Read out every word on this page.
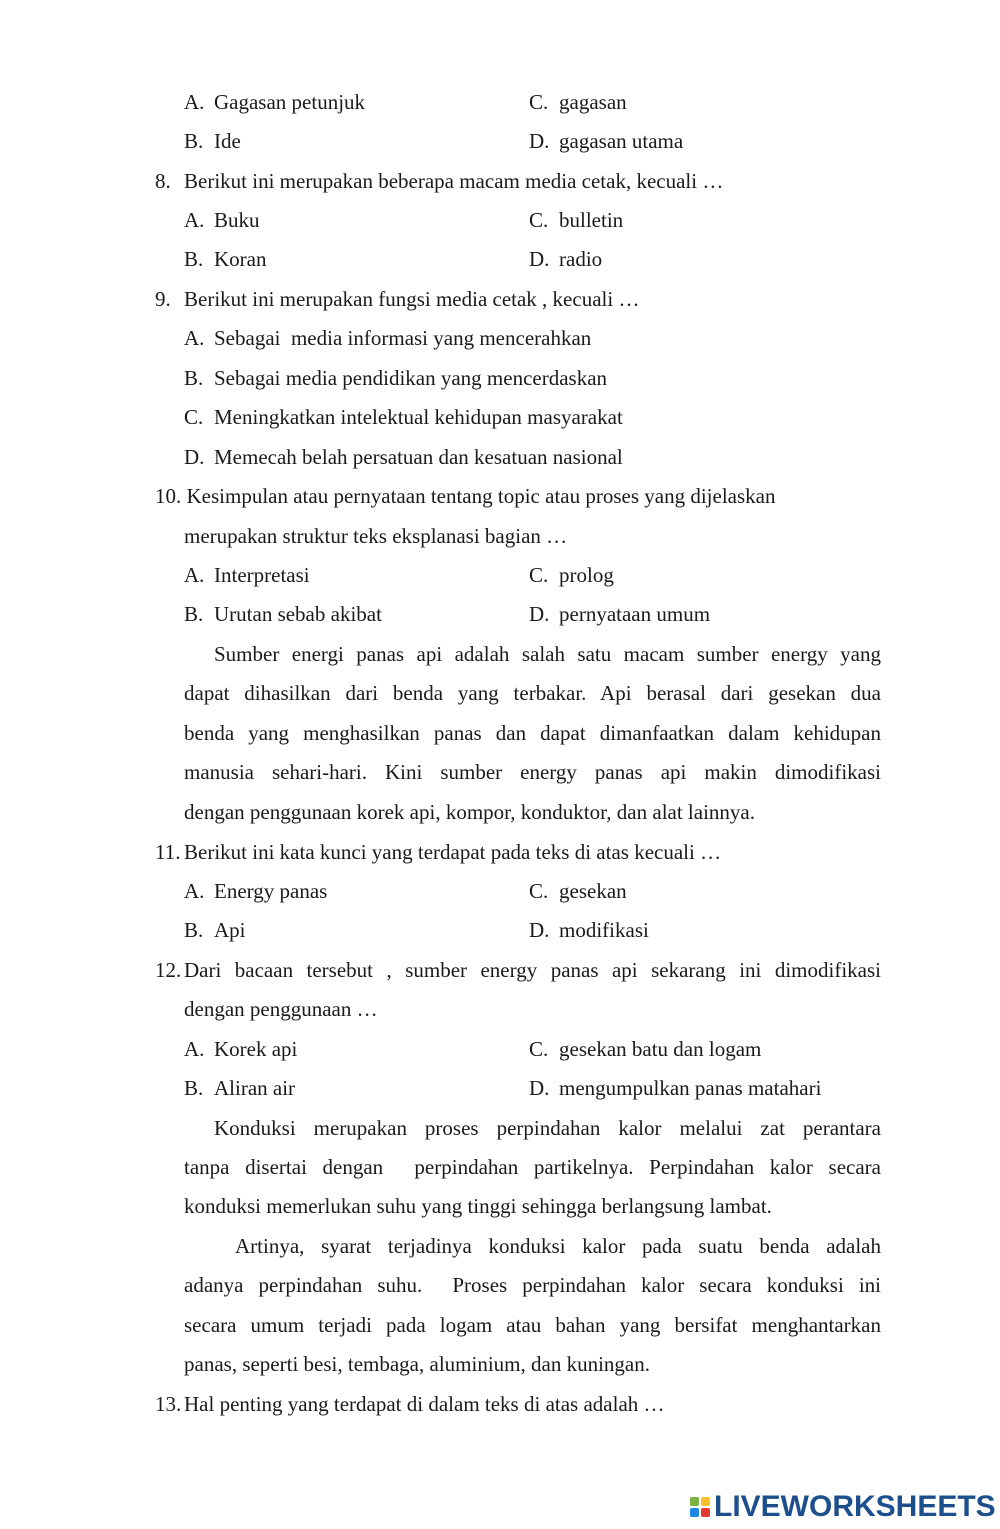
A. Gagasan petunjuk	C. gagasan
B. Ide	D. gagasan utama
8. Berikut ini merupakan beberapa macam media cetak, kecuali …
A. Buku	C. bulletin
B. Koran	D. radio
9. Berikut ini merupakan fungsi media cetak , kecuali …
A. Sebagai  media informasi yang mencerahkan
B. Sebagai media pendidikan yang mencerdaskan
C. Meningkatkan intelektual kehidupan masyarakat
D. Memecah belah persatuan dan kesatuan nasional
10. Kesimpulan atau pernyataan tentang topic atau proses yang dijelaskan
merupakan struktur teks eksplanasi bagian …
A. Interpretasi	C. prolog
B. Urutan sebab akibat	D. pernyataan umum
Sumber energi panas api adalah salah satu macam sumber energy yang
dapat dihasilkan dari benda yang terbakar. Api berasal dari gesekan dua
benda yang menghasilkan panas dan dapat dimanfaatkan dalam kehidupan
manusia sehari-hari. Kini sumber energy panas api makin dimodifikasi
dengan penggunaan korek api, kompor, konduktor, dan alat lainnya.
11. Berikut ini kata kunci yang terdapat pada teks di atas kecuali …
A. Energy panas	C. gesekan
B. Api	D. modifikasi
12. Dari bacaan tersebut , sumber energy panas api sekarang ini dimodifikasi
dengan penggunaan …
A. Korek api	C. gesekan batu dan logam
B. Aliran air	D. mengumpulkan panas matahari
Konduksi merupakan proses perpindahan kalor melalui zat perantara
tanpa disertai dengan  perpindahan partikelnya. Perpindahan kalor secara
konduksi memerlukan suhu yang tinggi sehingga berlangsung lambat.
Artinya, syarat terjadinya konduksi kalor pada suatu benda adalah
adanya perpindahan suhu.  Proses perpindahan kalor secara konduksi ini
secara umum terjadi pada logam atau bahan yang bersifat menghantarkan
panas, seperti besi, tembaga, aluminium, dan kuningan.
13. Hal penting yang terdapat di dalam teks di atas adalah …
LIVEWORKSHEETS
